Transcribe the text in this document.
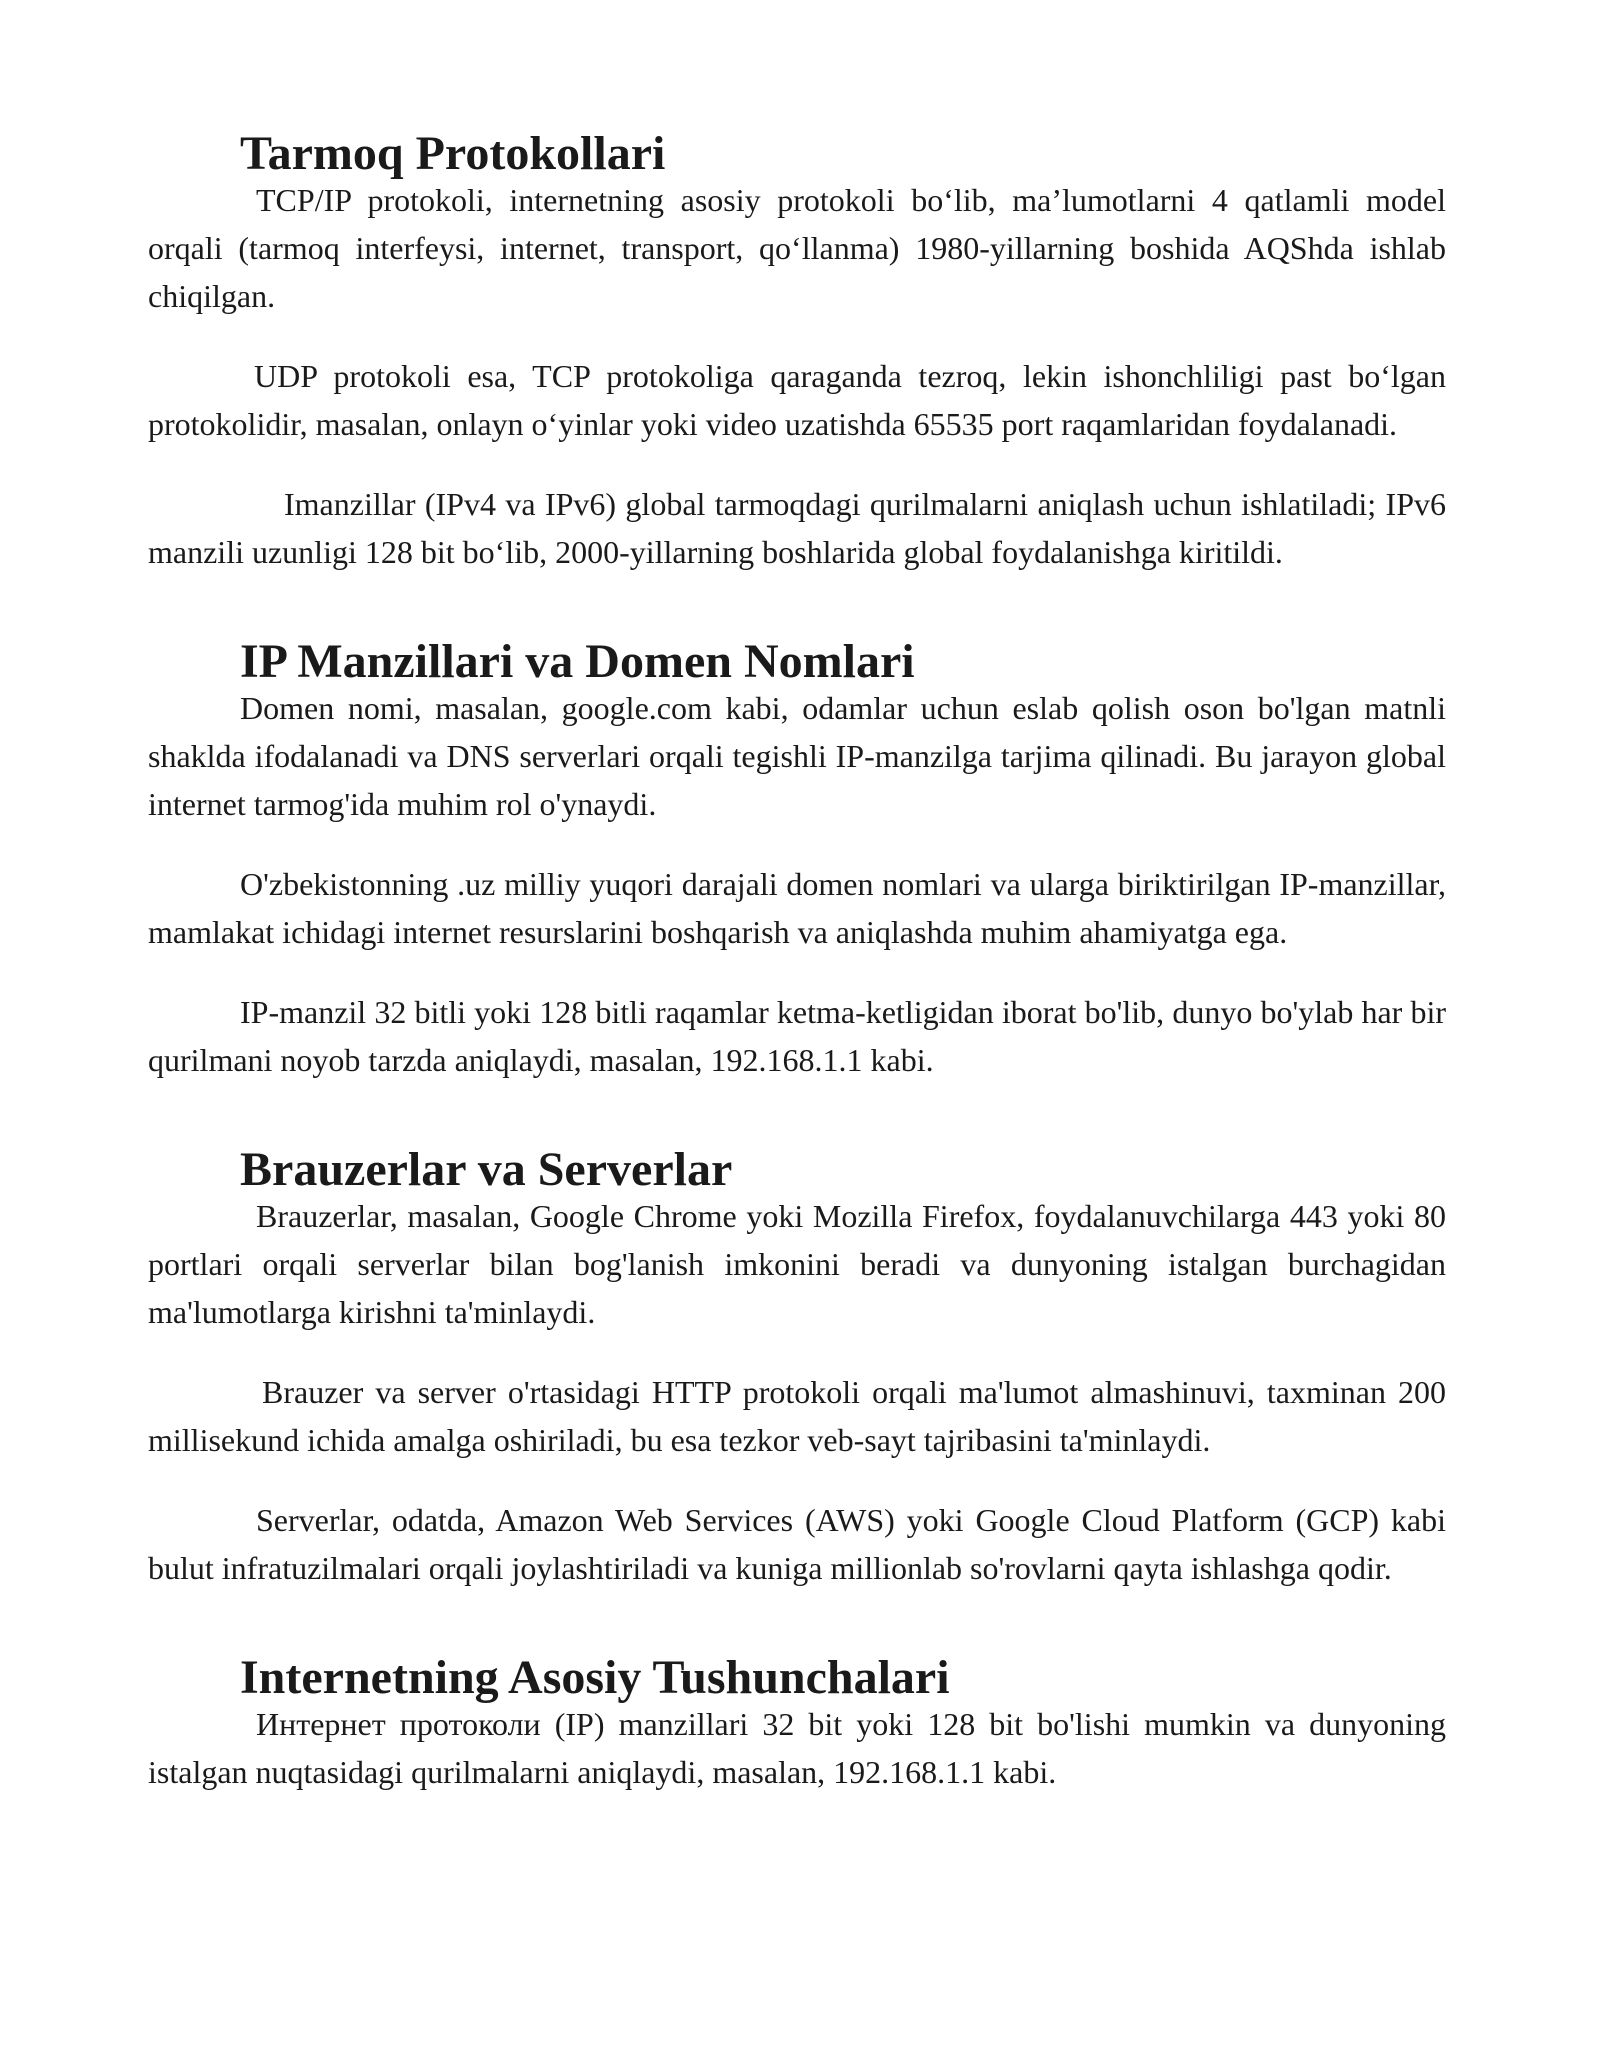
Tarmoq Protokollari

TCP/IP protokoli, internetning asosiy protokoli bo‘lib, ma’lumotlarni 4 qatlamli model orqali (tarmoq interfeysi, internet, transport, qo‘llanma) 1980-yillarning boshida AQShda ishlab chiqilgan.

UDP protokoli esa, TCP protokoliga qaraganda tezroq, lekin ishonchliligi past bo‘lgan protokolidir, masalan, onlayn o‘yinlar yoki video uzatishda 65535 port raqamlaridan foydalanadi.

Imanzillar (IPv4 va IPv6) global tarmoqdagi qurilmalarni aniqlash uchun ishlatiladi; IPv6 manzili uzunligi 128 bit bo‘lib, 2000-yillarning boshlarida global foydalanishga kiritildi.

IP Manzillari va Domen Nomlari

Domen nomi, masalan, google.com kabi, odamlar uchun eslab qolish oson bo'lgan matnli shaklda ifodalanadi va DNS serverlari orqali tegishli IP-manzilga tarjima qilinadi. Bu jarayon global internet tarmog'ida muhim rol o'ynaydi.

O'zbekistonning .uz milliy yuqori darajali domen nomlari va ularga biriktirilgan IP-manzillar, mamlakat ichidagi internet resurslarini boshqarish va aniqlashda muhim ahamiyatga ega.

IP-manzil 32 bitli yoki 128 bitli raqamlar ketma-ketligidan iborat bo'lib, dunyo bo'ylab har bir qurilmani noyob tarzda aniqlaydi, masalan, 192.168.1.1 kabi.

Brauzerlar va Serverlar

Brauzerlar, masalan, Google Chrome yoki Mozilla Firefox, foydalanuvchilarga 443 yoki 80 portlari orqali serverlar bilan bog'lanish imkonini beradi va dunyoning istalgan burchagidan ma'lumotlarga kirishni ta'minlaydi.

Brauzer va server o'rtasidagi HTTP protokoli orqali ma'lumot almashinuvi, taxminan 200 millisekund ichida amalga oshiriladi, bu esa tezkor veb-sayt tajribasini ta'minlaydi.

Serverlar, odatda, Amazon Web Services (AWS) yoki Google Cloud Platform (GCP) kabi bulut infratuzilmalari orqali joylashtiriladi va kuniga millionlab so'rovlarni qayta ishlashga qodir.

Internetning Asosiy Tushunchalari

Интернет протоколи (IP) manzillari 32 bit yoki 128 bit bo'lishi mumkin va dunyoning istalgan nuqtasidagi qurilmalarni aniqlaydi, masalan, 192.168.1.1 kabi.
